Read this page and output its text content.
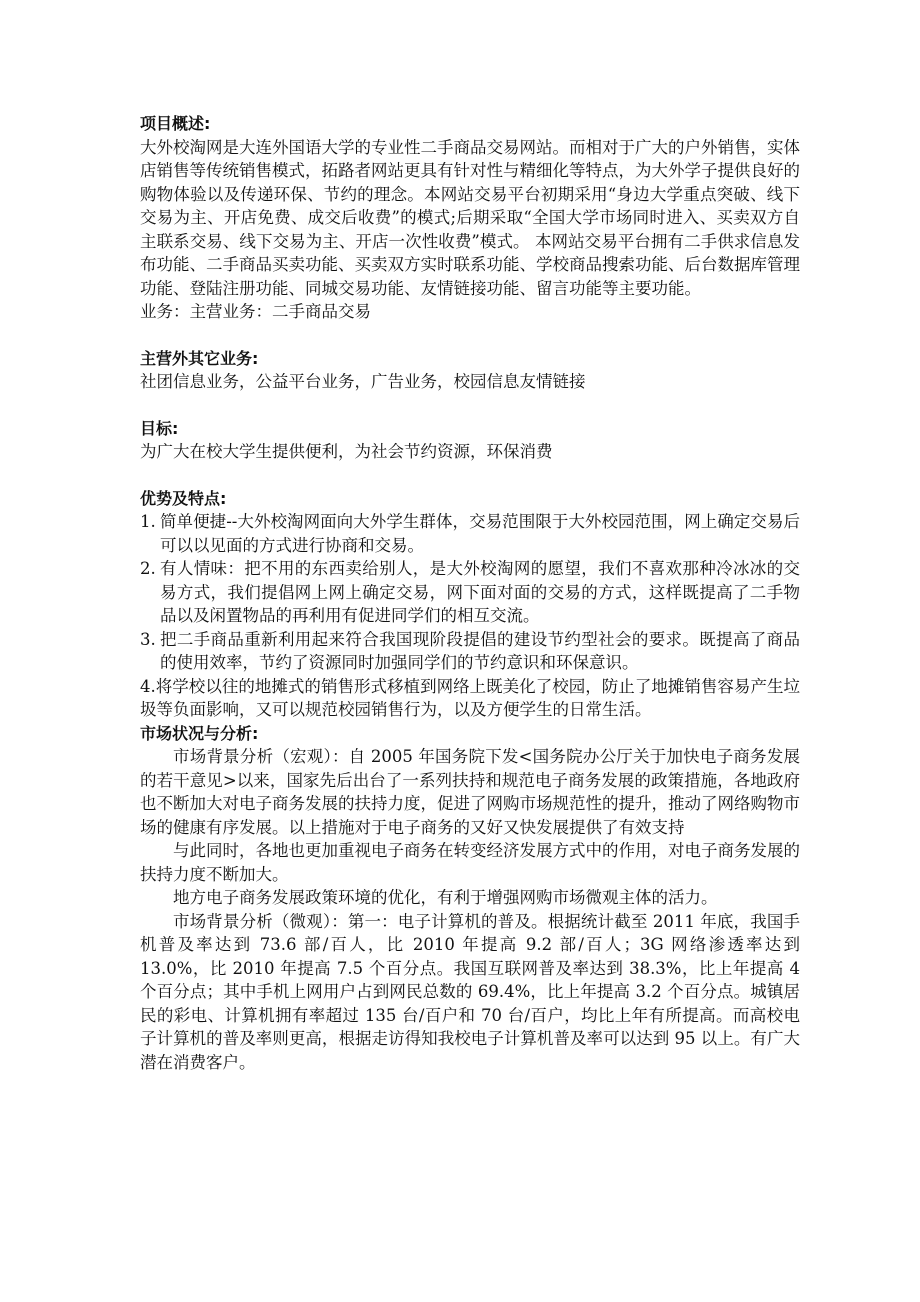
项目概述:
大外校淘网是大连外国语大学的专业性二手商品交易网站。而相对于广大的户外销售，实体店销售等传统销售模式，拓路者网站更具有针对性与精细化等特点，为大外学子提供良好的购物体验以及传递环保、节约的理念。本网站交易平台初期采用“身边大学重点突破、线下交易为主、开店免费、成交后收费”的模式;后期采取“全国大学市场同时进入、买卖双方自主联系交易、线下交易为主、开店一次性收费”模式。 本网站交易平台拥有二手供求信息发布功能、二手商品买卖功能、买卖双方实时联系功能、学校商品搜索功能、后台数据库管理功能、登陆注册功能、同城交易功能、友情链接功能、留言功能等主要功能。
业务：主营业务：二手商品交易
主营外其它业务:
社团信息业务，公益平台业务，广告业务，校园信息友情链接
目标:
为广大在校大学生提供便利，为社会节约资源，环保消费
优势及特点:
1. 简单便捷--大外校淘网面向大外学生群体，交易范围限于大外校园范围，网上确定交易后可以以见面的方式进行协商和交易。
2. 有人情味：把不用的东西卖给别人，是大外校淘网的愿望，我们不喜欢那种冷冰冰的交易方式，我们提倡网上网上确定交易，网下面对面的交易的方式，这样既提高了二手物品以及闲置物品的再利用有促进同学们的相互交流。
3. 把二手商品重新利用起来符合我国现阶段提倡的建设节约型社会的要求。既提高了商品的使用效率，节约了资源同时加强同学们的节约意识和环保意识。
4.将学校以往的地摊式的销售形式移植到网络上既美化了校园，防止了地摊销售容易产生垃圾等负面影响，又可以规范校园销售行为，以及方便学生的日常生活。
市场状况与分析:
市场背景分析（宏观）：自 2005 年国务院下发<国务院办公厅关于加快电子商务发展的若干意见>以来，国家先后出台了一系列扶持和规范电子商务发展的政策措施，各地政府也不断加大对电子商务发展的扶持力度，促进了网购市场规范性的提升，推动了网络购物市场的健康有序发展。以上措施对于电子商务的又好又快发展提供了有效支持
与此同时，各地也更加重视电子商务在转变经济发展方式中的作用，对电子商务发展的扶持力度不断加大。
地方电子商务发展政策环境的优化，有利于增强网购市场微观主体的活力。
市场背景分析（微观）：第一：电子计算机的普及。根据统计截至 2011 年底，我国手机普及率达到 73.6 部/百人，比 2010 年提高 9.2 部/百人；3G 网络渗透率达到 13.0%，比 2010 年提高 7.5 个百分点。我国互联网普及率达到 38.3%，比上年提高 4 个百分点；其中手机上网用户占到网民总数的 69.4%，比上年提高 3.2 个百分点。城镇居民的彩电、计算机拥有率超过 135 台/百户和 70 台/百户，均比上年有所提高。而高校电子计算机的普及率则更高，根据走访得知我校电子计算机普及率可以达到 95 以上。有广大潜在消费客户。
